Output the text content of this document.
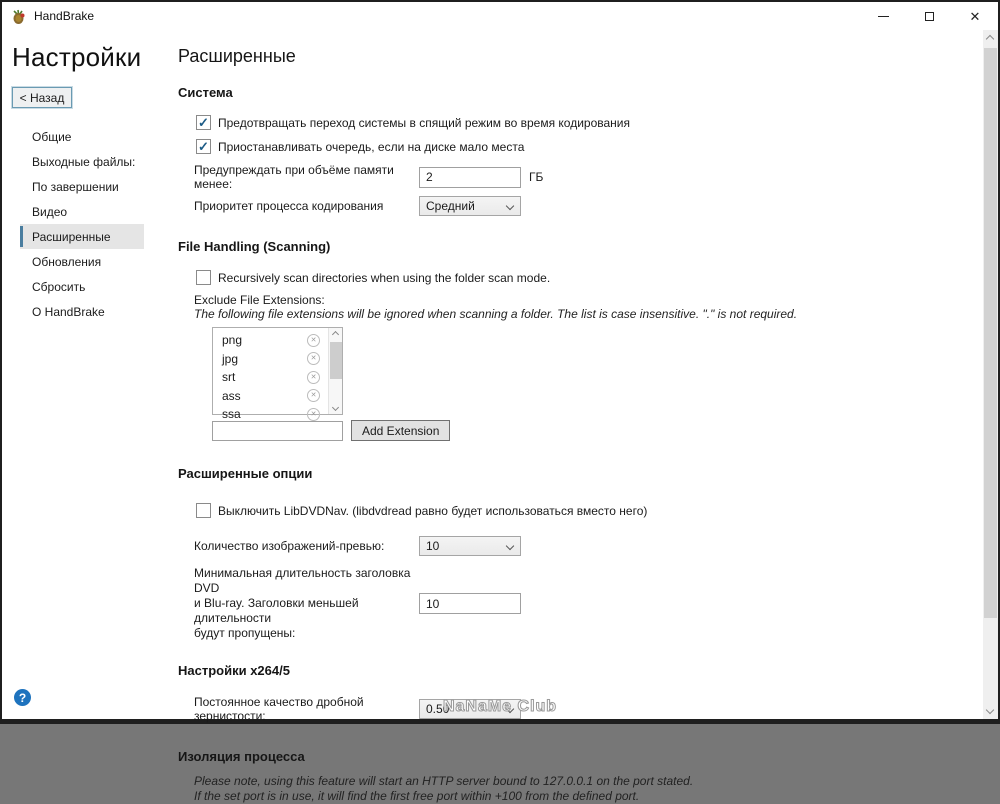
HandBrake	✕
Настройки
< Назад
Общие
Выходные файлы:
По завершении
Видео
Расширенные
Обновления
Сбросить
О HandBrake
Расширенные
Система
✓
Предотвращать переход системы в спящий режим во время кодирования
✓
Приостанавливать очередь, если на диске мало места
Предупреждать при объёме памяти менее:
2	ГБ
Приоритет процесса кодирования	Средний
File Handling (Scanning)
Recursively scan directories when using the folder scan mode.
Exclude File Extensions:
The following file extensions will be ignored when scanning a folder. The list is case insensitive. "." is not required.
png
✕
jpg
✕
srt
✕
ass
✕
ssa
✕
Add Extension
Расширенные опции
Выключить LibDVDNav. (libdvdread равно будет использоваться вместо него)
Количество изображений-превью:	10
Минимальная длительность заголовка DVD
и Blu-ray. Заголовки меньшей длительности
будут пропущены:
10
Настройки x264/5
Постоянное качество дробной зернистости:	0.50
Изоляция процесса
Please note, using this feature will start an HTTP server bound to 127.0.0.1 on the port stated.
If the set port is in use, it will find the first free port within +100 from the defined port.
?
NaNaMe Club
